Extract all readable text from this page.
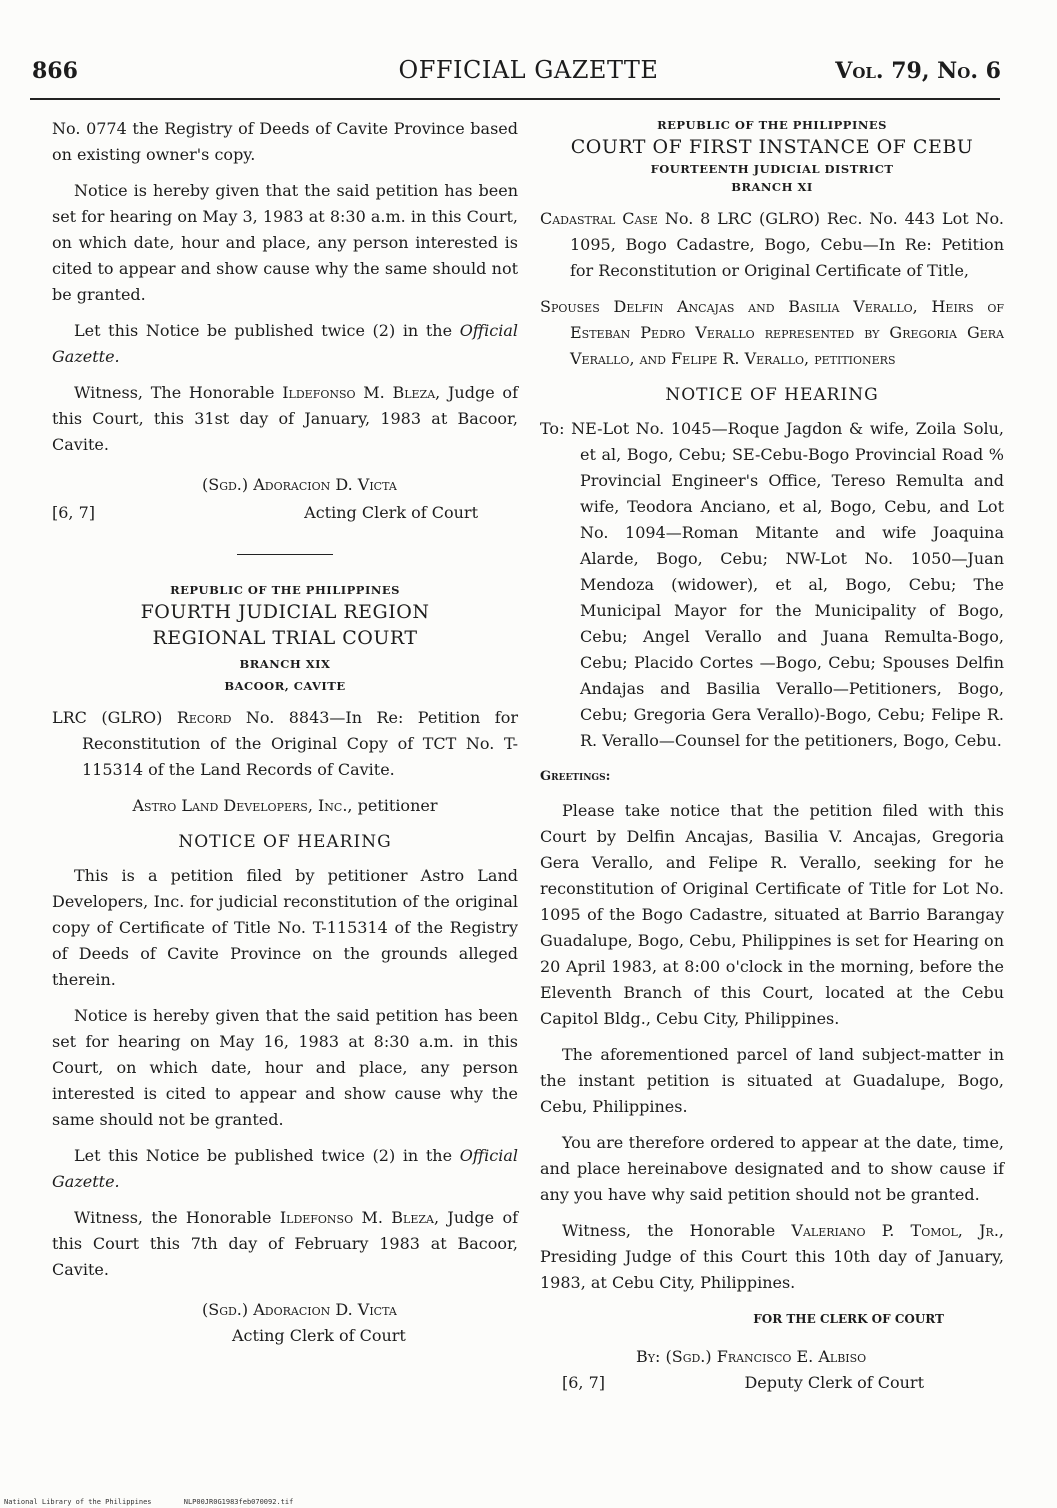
866	OFFICIAL GAZETTE	Vol. 79, No. 6

No. 0774 the Registry of Deeds of Cavite Province based on existing owner's copy.

Notice is hereby given that the said petition has been set for hearing on May 3, 1983 at 8:30 a.m. in this Court, on which date, hour and place, any person interested is cited to appear and show cause why the same should not be granted.

Let this Notice be published twice (2) in the Official Gazette.

Witness, The Honorable Ildefonso M. Bleza, Judge of this Court, this 31st day of January, 1983 at Bacoor, Cavite.

(Sgd.) Adoracion D. Victa
[6, 7]	Acting Clerk of Court
REPUBLIC OF THE PHILIPPINES
FOURTH JUDICIAL REGION
REGIONAL TRIAL COURT
BRANCH XIX
BACOOR, CAVITE

LRC (GLRO) Record No. 8843—In Re: Petition for Reconstitution of the Original Copy of TCT No. T-115314 of the Land Records of Cavite.

Astro Land Developers, Inc., petitioner

NOTICE OF HEARING

This is a petition filed by petitioner Astro Land Developers, Inc. for judicial reconstitution of the original copy of Certificate of Title No. T-115314 of the Registry of Deeds of Cavite Province on the grounds alleged therein.

Notice is hereby given that the said petition has been set for hearing on May 16, 1983 at 8:30 a.m. in this Court, on which date, hour and place, any person interested is cited to appear and show cause why the same should not be granted.

Let this Notice be published twice (2) in the Official Gazette.

Witness, the Honorable Ildefonso M. Bleza, Judge of this Court this 7th day of February 1983 at Bacoor, Cavite.

(Sgd.) Adoracion D. Victa
Acting Clerk of Court
REPUBLIC OF THE PHILIPPINES
COURT OF FIRST INSTANCE OF CEBU
FOURTEENTH JUDICIAL DISTRICT
BRANCH XI

Cadastral Case No. 8 LRC (GLRO) Rec. No. 443 Lot No. 1095, Bogo Cadastre, Bogo, Cebu—In Re: Petition for Reconstitution or Original Certificate of Title,

Spouses Delfin Ancajas and Basilia Verallo, Heirs of Esteban Pedro Verallo represented by Gregoria Gera Verallo, and Felipe R. Verallo, petitioners

NOTICE OF HEARING

To: NE-Lot No. 1045—Roque Jagdon & wife, Zoila Solu, et al, Bogo, Cebu; SE-Cebu-Bogo Provincial Road % Provincial Engineer's Office, Tereso Remulta and wife, Teodora Anciano, et al, Bogo, Cebu, and Lot No. 1094—Roman Mitante and wife Joaquina Alarde, Bogo, Cebu; NW-Lot No. 1050—Juan Mendoza (widower), et al, Bogo, Cebu; The Municipal Mayor for the Municipality of Bogo, Cebu; Angel Verallo and Juana Remulta-Bogo, Cebu; Placido Cortes —Bogo, Cebu; Spouses Delfin Andajas and Basilia Verallo—Petitioners, Bogo, Cebu; Gregoria Gera Verallo)-Bogo, Cebu; Felipe R. R. Verallo—Counsel for the petitioners, Bogo, Cebu.

Greetings:

Please take notice that the petition filed with this Court by Delfin Ancajas, Basilia V. Ancajas, Gregoria Gera Verallo, and Felipe R. Verallo, seeking for he reconstitution of Original Certificate of Title for Lot No. 1095 of the Bogo Cadastre, situated at Barrio Barangay Guadalupe, Bogo, Cebu, Philippines is set for Hearing on 20 April 1983, at 8:00 o'clock in the morning, before the Eleventh Branch of this Court, located at the Cebu Capitol Bldg., Cebu City, Philippines.

The aforementioned parcel of land subject-matter in the instant petition is situated at Guadalupe, Bogo, Cebu, Philippines.

You are therefore ordered to appear at the date, time, and place hereinabove designated and to show cause if any you have why said petition should not be granted.

Witness, the Honorable Valeriano P. Tomol, Jr., Presiding Judge of this Court this 10th day of January, 1983, at Cebu City, Philippines.

FOR THE CLERK OF COURT
By: (Sgd.) Francisco E. Albiso
[6, 7]	Deputy Clerk of Court
National Library of the Philippines	NLP00JR0G1983feb070092.tif
